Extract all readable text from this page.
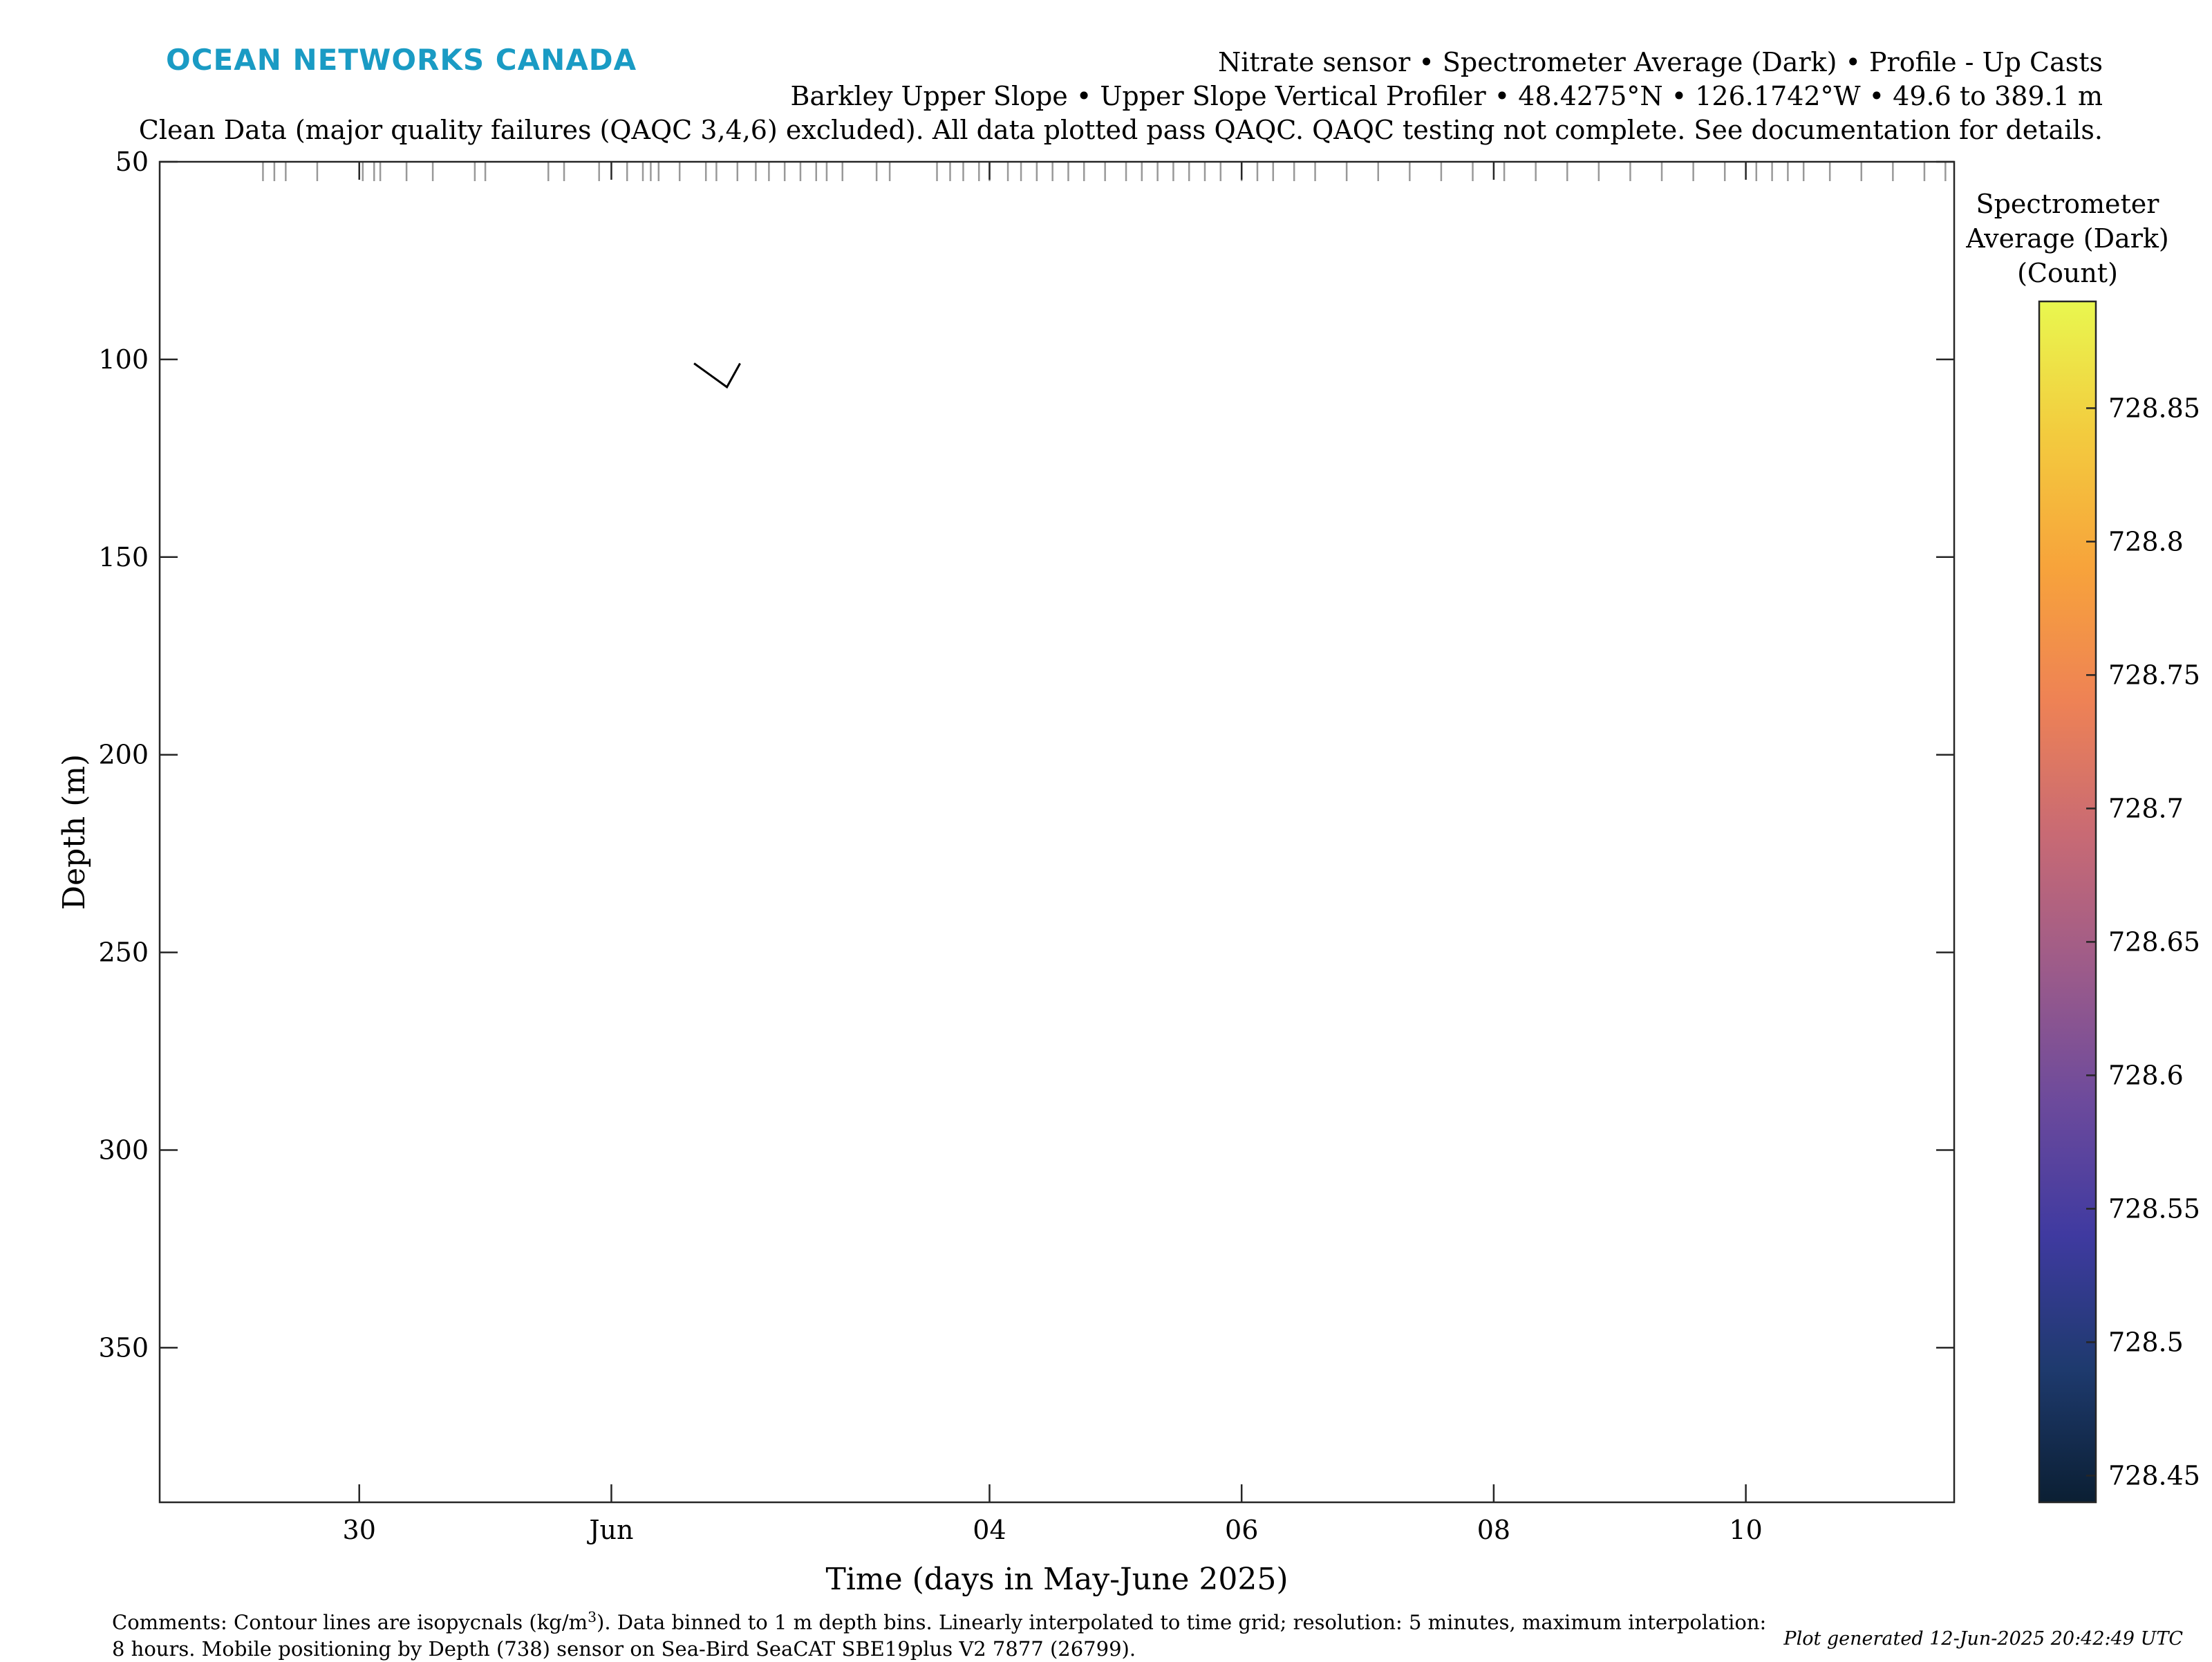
OCEAN NETWORKS CANADA	Nitrate sensor • Spectrometer Average (Dark) • Profile - Up Casts
Barkley Upper Slope • Upper Slope Vertical Profiler • 48.4275°N • 126.1742°W • 49.6 to 389.1 m
Clean Data (major quality failures (QAQC 3,4,6) excluded). All data plotted pass QAQC. QAQC testing not complete. See documentation for details.
50
100
150
200
250
300
350
30	Jun	04	06	08	10
Time (days in May-June 2025)
Depth (m)
728.45
728.5
728.55
728.6
728.65
728.7
728.75
728.8
728.85
Spectrometer
Average (Dark)
(Count)
Comments: Contour lines are isopycnals $(kg/m^3)$. Data binned to 1 m depth bins. Linearly interpolated to time grid; resolution: 5 minutes, maximum interpolation:
8 hours. Mobile positioning by Depth (738) sensor on Sea-Bird SeaCAT SBE19plus V2 7877 (26799).	Plot generated 12-Jun-2025 20:42:49 UTC
